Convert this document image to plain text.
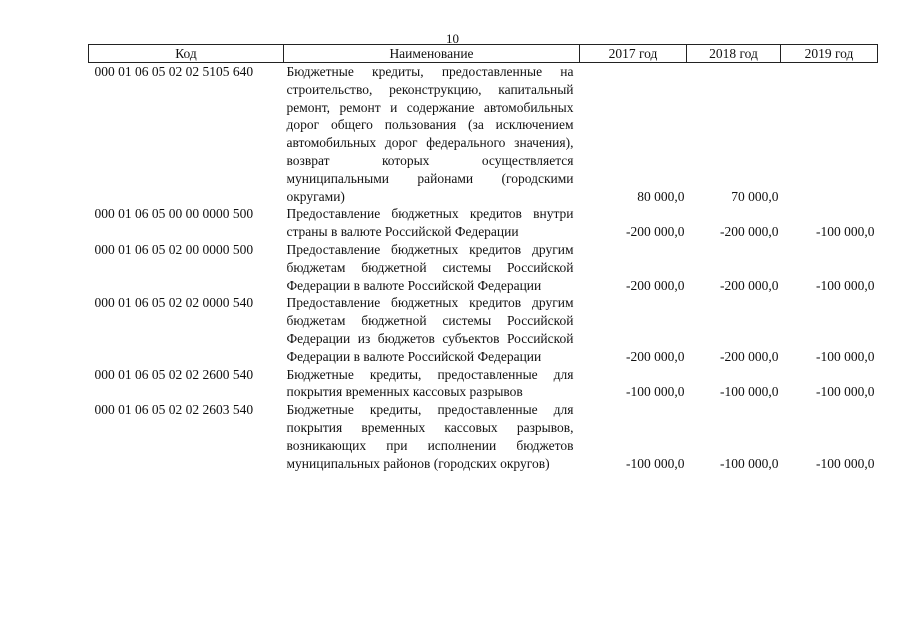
10
Код	Наименование	2017 год	2018 год	2019 год
000 01 06 05 02 02 5105 640	Бюджетные кредиты, предоставленные на строительство, реконструкцию, капитальный ремонт, ремонт и содержание автомобильных дорог общего пользования (за исключением автомобильных дорог федерального значения), возврат которых осуществляется муниципальными районами (городскими округами)	80 000,0	70 000,0	
000 01 06 05 00 00 0000 500	Предоставление бюджетных кредитов внутри страны в валюте Российской Федерации	-200 000,0	-200 000,0	-100 000,0
000 01 06 05 02 00 0000 500	Предоставление бюджетных кредитов другим бюджетам бюджетной системы Российской Федерации в валюте Российской Федерации	-200 000,0	-200 000,0	-100 000,0
000 01 06 05 02 02 0000 540	Предоставление бюджетных кредитов другим бюджетам бюджетной системы Российской Федерации из бюджетов субъектов Российской Федерации в валюте Российской Федерации	-200 000,0	-200 000,0	-100 000,0
000 01 06 05 02 02 2600 540	Бюджетные кредиты, предоставленные для покрытия временных кассовых разрывов	-100 000,0	-100 000,0	-100 000,0
000 01 06 05 02 02 2603 540	Бюджетные кредиты, предоставленные для покрытия временных кассовых разрывов, возникающих при исполнении бюджетов муниципальных районов (городских округов)	-100 000,0	-100 000,0	-100 000,0
